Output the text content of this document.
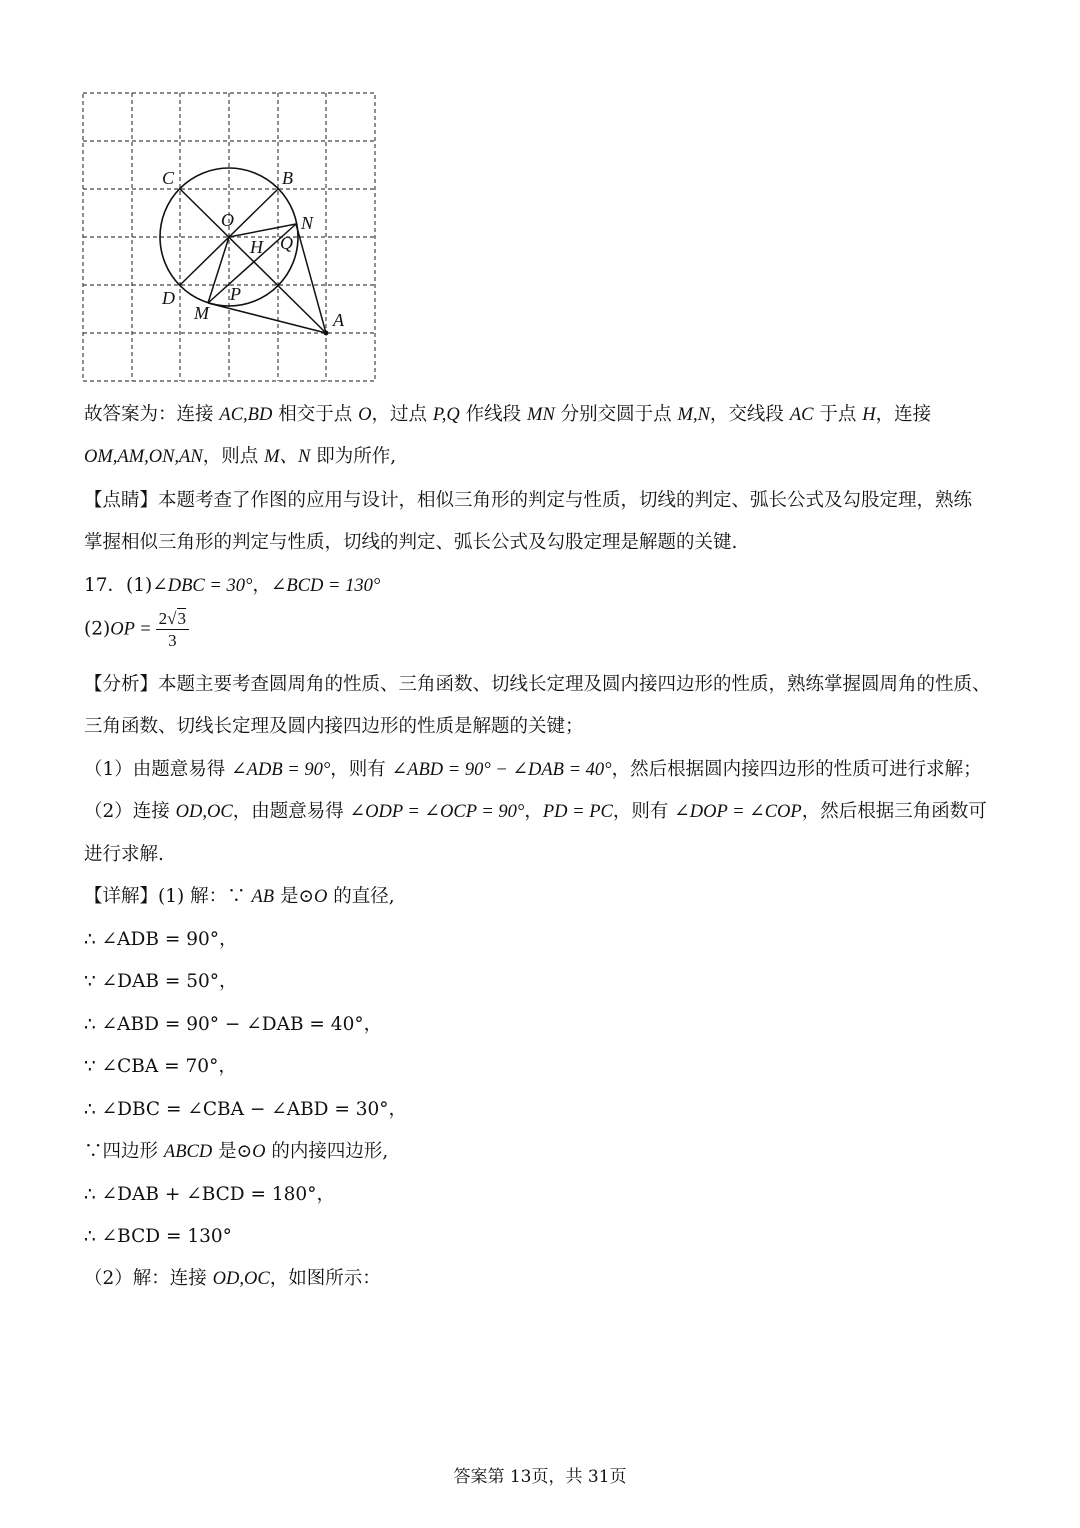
C	B
O	N
H Q
D	P
M	A
故答案为：连接 AC,BD 相交于点 O，过点 P,Q 作线段 MN 分别交圆于点 M,N，交线段 AC 于点 H，连接
OM,AM,ON,AN，则点 M、N 即为所作,
【点睛】本题考查了作图的应用与设计，相似三角形的判定与性质，切线的判定、弧长公式及勾股定理，熟练
掌握相似三角形的判定与性质，切线的判定、弧长公式及勾股定理是解题的关键.
17．(1)∠DBC = 30°，∠BCD = 130°
$(2)OP = \frac{2√3}{3}$
【分析】本题主要考查圆周角的性质、三角函数、切线长定理及圆内接四边形的性质，熟练掌握圆周角的性质、
三角函数、切线长定理及圆内接四边形的性质是解题的关键；
（1）由题意易得 ∠ADB = 90°，则有 ∠ABD = 90° − ∠DAB = 40°，然后根据圆内接四边形的性质可进行求解；
（2）连接 OD,OC，由题意易得 ∠ODP = ∠OCP = 90°，PD = PC，则有 ∠DOP = ∠COP，然后根据三角函数可
进行求解.
【详解】(1) 解：∵ AB 是⊙O 的直径,
∴ ∠ADB = 90°，
∵ ∠DAB = 50°，
∴ ∠ABD = 90° − ∠DAB = 40°，
∵ ∠CBA = 70°，
∴ ∠DBC = ∠CBA − ∠ABD = 30°，
∵四边形 ABCD 是⊙O 的内接四边形,
∴ ∠DAB + ∠BCD = 180°，
∴ ∠BCD = 130°
（2）解：连接 OD,OC，如图所示：
答案第 13页，共 31页
